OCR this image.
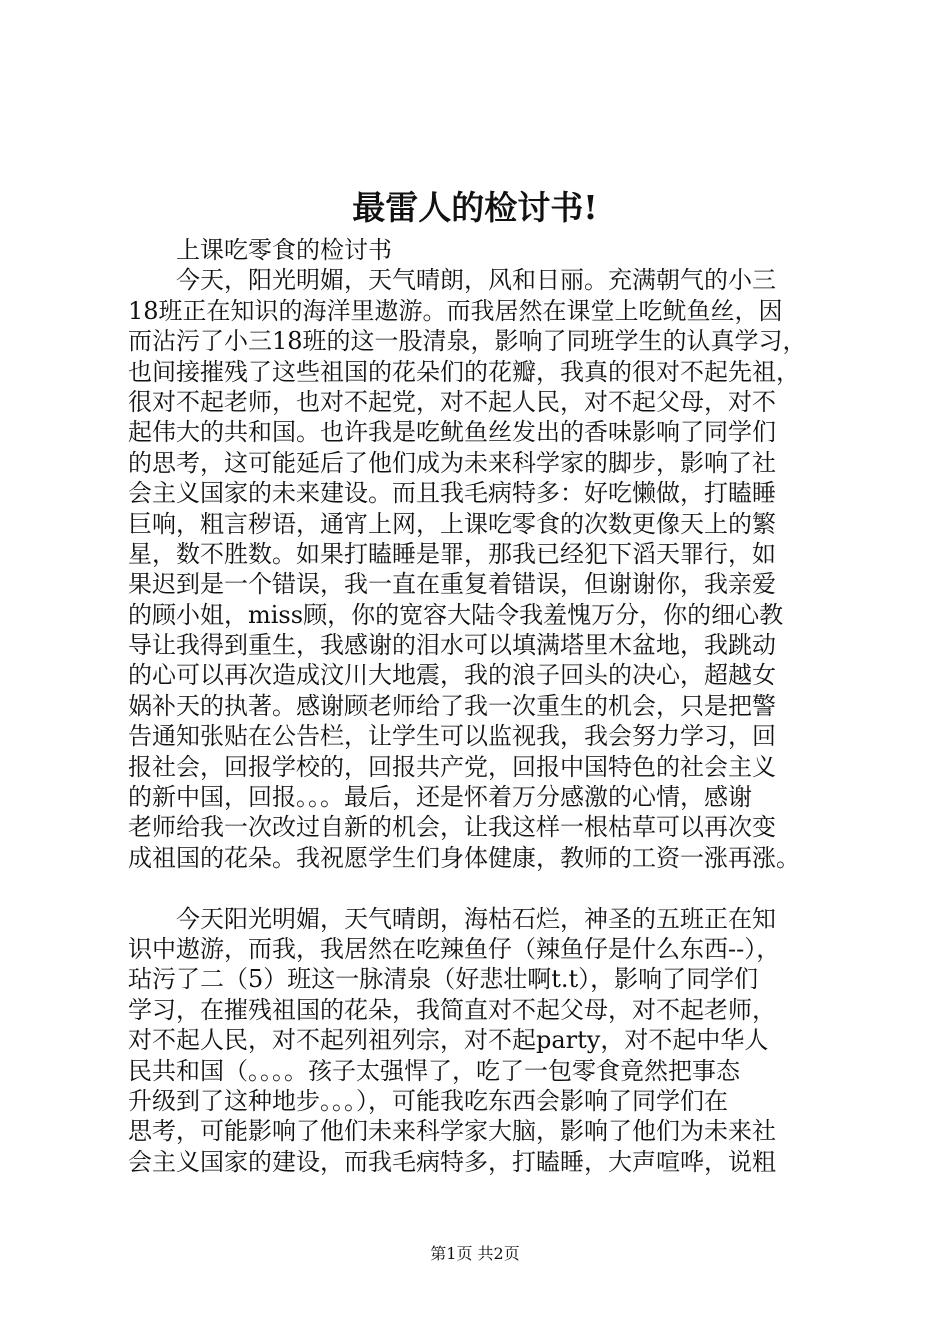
最雷人的检讨书!
上课吃零食的检讨书
今天，阳光明媚，天气晴朗，风和日丽。充满朝气的小三
18班正在知识的海洋里遨游。而我居然在课堂上吃鱿鱼丝，因
而沾污了小三18班的这一股清泉，影响了同班学生的认真学习，
也间接摧残了这些祖国的花朵们的花瓣，我真的很对不起先祖，
很对不起老师，也对不起党，对不起人民，对不起父母，对不
起伟大的共和国。也许我是吃鱿鱼丝发出的香味影响了同学们
的思考，这可能延后了他们成为未来科学家的脚步，影响了社
会主义国家的未来建设。而且我毛病特多：好吃懒做，打瞌睡
巨响，粗言秽语，通宵上网，上课吃零食的次数更像天上的繁
星，数不胜数。如果打瞌睡是罪，那我已经犯下滔天罪行，如
果迟到是一个错误，我一直在重复着错误，但谢谢你，我亲爱
的顾小姐，miss顾，你的宽容大陆令我羞愧万分，你的细心教
导让我得到重生，我感谢的泪水可以填满塔里木盆地，我跳动
的心可以再次造成汶川大地震，我的浪子回头的决心，超越女
娲补天的执著。感谢顾老师给了我一次重生的机会，只是把警
告通知张贴在公告栏，让学生可以监视我，我会努力学习，回
报社会，回报学校的，回报共产党，回报中国特色的社会主义
的新中国，回报。。。最后，还是怀着万分感激的心情，感谢
老师给我一次改过自新的机会，让我这样一根枯草可以再次变
成祖国的花朵。我祝愿学生们身体健康，教师的工资一涨再涨。
今天阳光明媚，天气晴朗，海枯石烂，神圣的五班正在知
识中遨游，而我，我居然在吃辣鱼仔（辣鱼仔是什么东西--），
玷污了二（5）班这一脉清泉（好悲壮啊t.t），影响了同学们
学习，在摧残祖国的花朵，我简直对不起父母，对不起老师，
对不起人民，对不起列祖列宗，对不起party，对不起中华人
民共和国（。。。。孩子太强悍了，吃了一包零食竟然把事态
升级到了这种地步。。。），可能我吃东西会影响了同学们在
思考，可能影响了他们未来科学家大脑，影响了他们为未来社
会主义国家的建设，而我毛病特多，打瞌睡，大声喧哗，说粗
第1页 共2页
